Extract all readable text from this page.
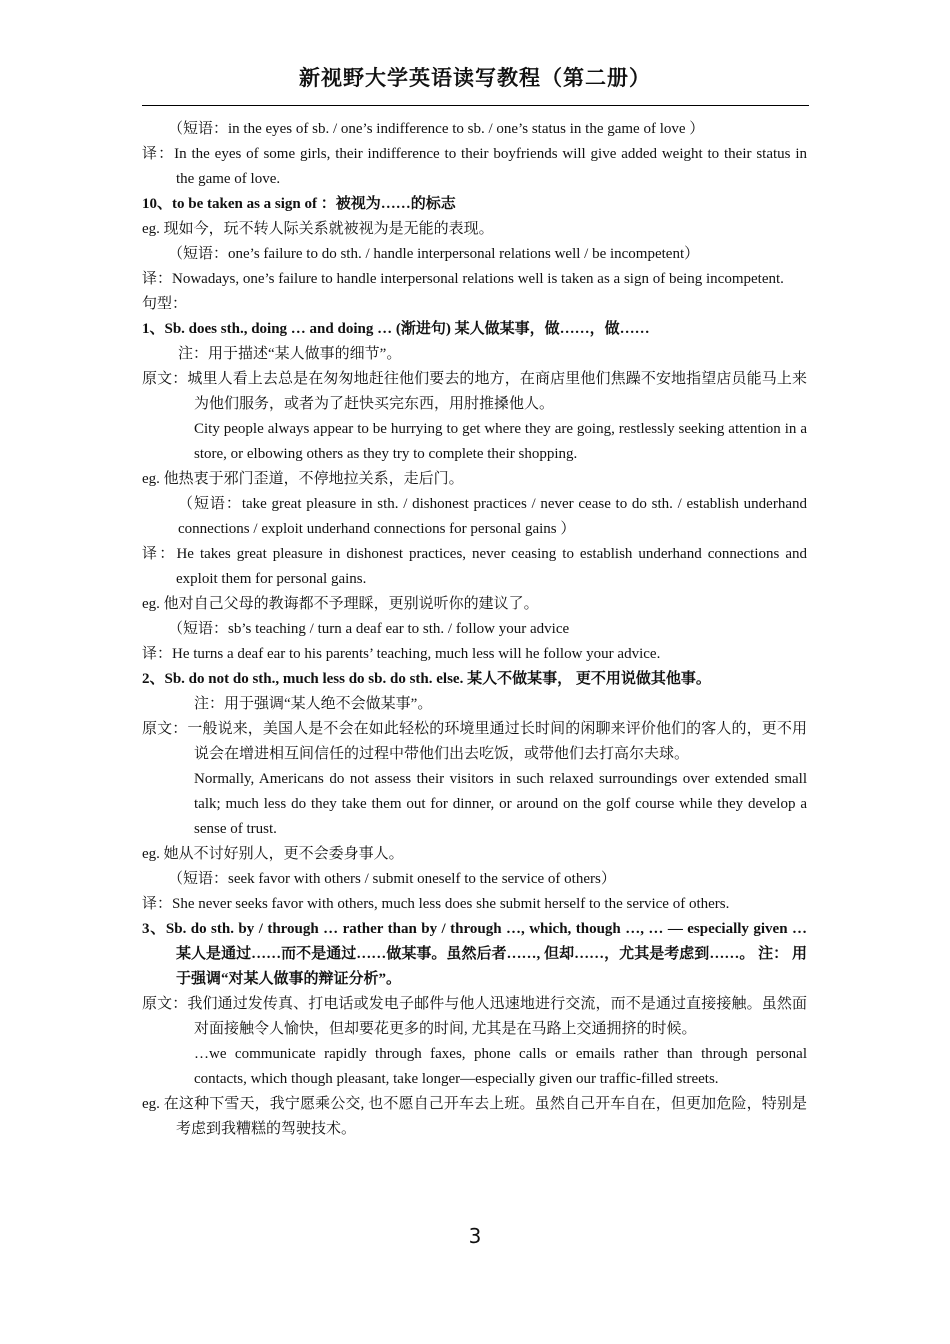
新视野大学英语读写教程（第二册）

（短语：in the eyes of sb. / one’s indifference to sb. / one’s status in the game of love ）

译：In the eyes of some girls, their indifference to their boyfriends will give added weight to their status in the game of love.

10、to be taken as a sign of ：被视为……的标志

eg. 现如今，玩不转人际关系就被视为是无能的表现。

（短语：one’s failure to do sth. / handle interpersonal relations well / be incompetent）

译：Nowadays, one’s failure to handle interpersonal relations well is taken as a sign of being incompetent.

句型：

1、Sb. does sth., doing … and doing … (渐进句) 某人做某事，做……，做……

注：用于描述“某人做事的细节”。

原文：城里人看上去总是在匆匆地赶往他们要去的地方，在商店里他们焦躁不安地指望店员能马上来为他们服务，或者为了赶快买完东西，用肘推搡他人。

City people always appear to be hurrying to get where they are going, restlessly seeking attention in a store, or elbowing others as they try to complete their shopping.

eg. 他热衷于邪门歪道，不停地拉关系，走后门。

（短语：take great pleasure in sth. / dishonest practices / never cease to do sth. / establish underhand connections / exploit underhand connections for personal gains ）

译：He takes great pleasure in dishonest practices, never ceasing to establish underhand connections and exploit them for personal gains.

eg. 他对自己父母的教诲都不予理睬，更别说听你的建议了。

（短语：sb’s teaching / turn a deaf ear to sth. / follow your advice

译：He turns a deaf ear to his parents’ teaching, much less will he follow your advice.

2、Sb. do not do sth., much less do sb. do sth. else. 某人不做某事， 更不用说做其他事。

注：用于强调“某人绝不会做某事”。

原文：一般说来，美国人是不会在如此轻松的环境里通过长时间的闲聊来评价他们的客人的，更不用说会在增进相互间信任的过程中带他们出去吃饭，或带他们去打高尔夫球。

Normally, Americans do not assess their visitors in such relaxed surroundings over extended small talk; much less do they take them out for dinner, or around on the golf course while they develop a sense of trust.

eg. 她从不讨好别人，更不会委身事人。

（短语：seek favor with others / submit oneself to the service of others）

译：She never seeks favor with others, much less does she submit herself to the service of others.

3、Sb. do sth. by / through … rather than by / through …, which, though …, … — especially given … 某人是通过……而不是通过……做某事。虽然后者……, 但却……，尤其是考虑到……。 注： 用于强调“对某人做事的辩证分析”。

原文：我们通过发传真、打电话或发电子邮件与他人迅速地进行交流，而不是通过直接接触。虽然面对面接触令人愉快，但却要花更多的时间, 尤其是在马路上交通拥挤的时候。

…we communicate rapidly through faxes, phone calls or emails rather than through personal contacts, which though pleasant, take longer—especially given our traffic-filled streets.

eg. 在这种下雪天，我宁愿乘公交, 也不愿自己开车去上班。虽然自己开车自在，但更加危险，特别是考虑到我糟糕的驾驶技术。

3
